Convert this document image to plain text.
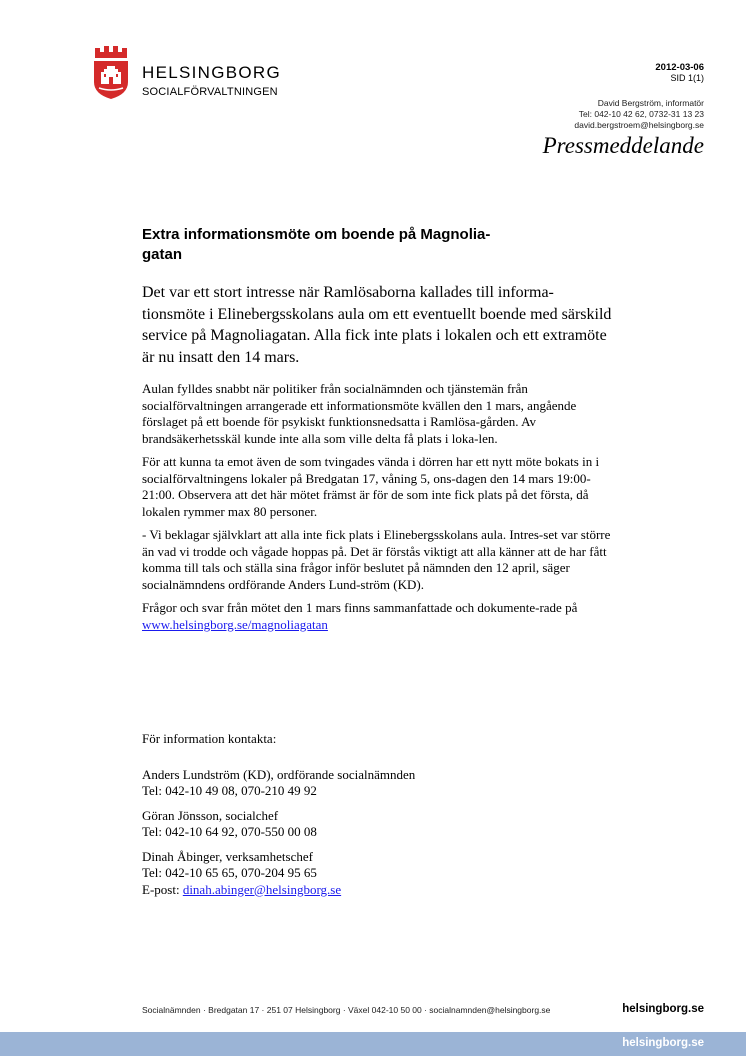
HELSINGBORG
SOCIALFÖRVALTNINGEN
2012-03-06
SID 1(1)
David Bergström, informatör
Tel: 042-10 42 62, 0732-31 13 23
david.bergstroem@helsingborg.se
Pressmeddelande
Extra informationsmöte om boende på Magnolia-
gatan
Det var ett stort intresse när Ramlösaborna kallades till informa-tionsmöte i Elinebergsskolans aula om ett eventuellt boende med särskild service på Magnoliagatan. Alla fick inte plats i lokalen och ett extramöte är nu insatt den 14 mars.

Aulan fylldes snabbt när politiker från socialnämnden och tjänstemän från socialförvaltningen arrangerade ett informationsmöte kvällen den 1 mars, angående förslaget på ett boende för psykiskt funktionsnedsatta i Ramlösa-gården. Av brandsäkerhetsskäl kunde inte alla som ville delta få plats i loka-len.

För att kunna ta emot även de som tvingades vända i dörren har ett nytt möte bokats in i socialförvaltningens lokaler på Bredgatan 17, våning 5, ons-dagen den 14 mars 19:00-21:00. Observera att det här mötet främst är för de som inte fick plats på det första, då lokalen rymmer max 80 personer.

- Vi beklagar självklart att alla inte fick plats i Elinebergsskolans aula. Intres-set var större än vad vi trodde och vågade hoppas på. Det är förstås viktigt att alla känner att de har fått komma till tals och ställa sina frågor inför beslutet på nämnden den 12 april, säger socialnämndens ordförande Anders Lund-ström (KD).

Frågor och svar från mötet den 1 mars finns sammanfattade och dokumente-rade på www.helsingborg.se/magnoliagatan

För information kontakta:
Anders Lundström (KD), ordförande socialnämnden
Tel: 042-10 49 08, 070-210 49 92
Göran Jönsson, socialchef
Tel: 042-10 64 92, 070-550 00 08
Dinah Åbinger, verksamhetschef
Tel: 042-10 65 65, 070-204 95 65
E-post: dinah.abinger@helsingborg.se
Socialnämnden · Bredgatan 17 · 251 07 Helsingborg · Växel 042-10 50 00 · socialnamnden@helsingborg.se	helsingborg.se
helsingborg.se
